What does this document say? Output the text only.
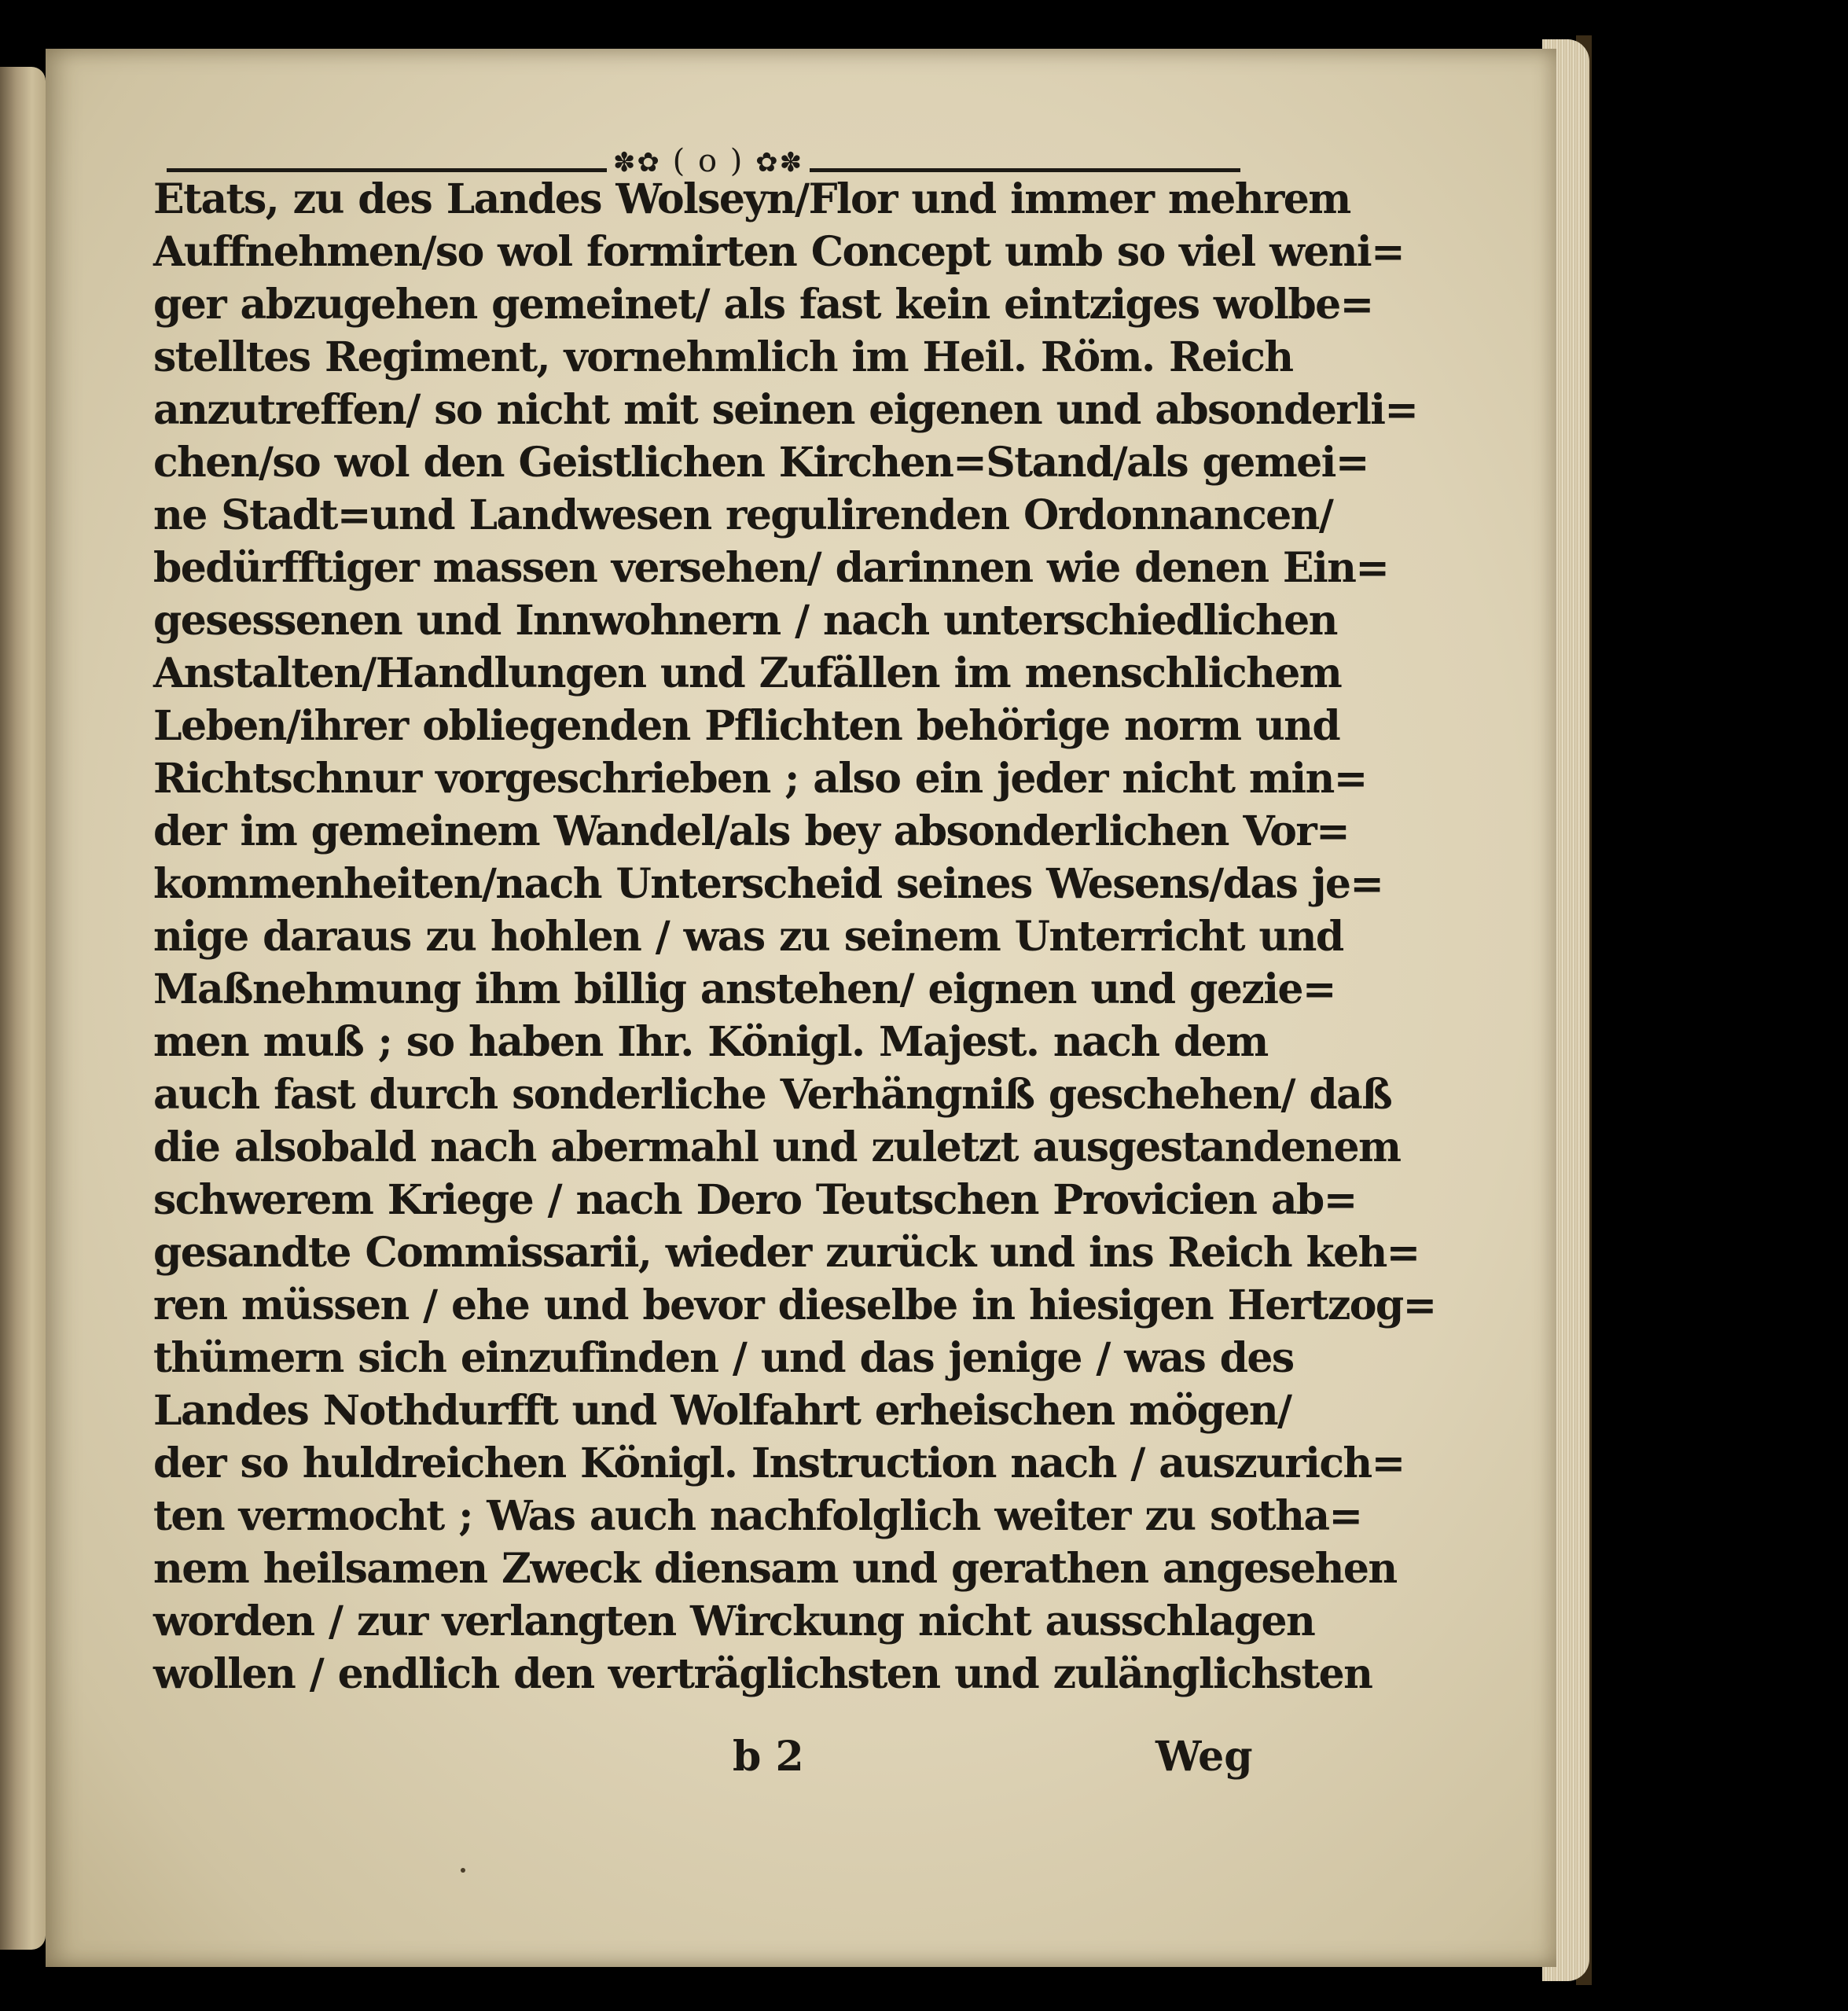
✽✿ ( o ) ✿✽
Etats, zu des Landes Wolseyn/Flor und immer mehrem
Auffnehmen/so wol formirten Concept umb so viel weni=
ger abzugehen gemeinet/ als fast kein eintziges wolbe=
stelltes Regiment, vornehmlich im Heil. Röm. Reich
anzutreffen/ so nicht mit seinen eigenen und absonderli=
chen/so wol den Geistlichen Kirchen=Stand/als gemei=
ne Stadt=und Landwesen regulirenden Ordonnancen/
bedürfftiger massen versehen/ darinnen wie denen Ein=
gesessenen und Innwohnern / nach unterschiedlichen
Anstalten/Handlungen und Zufällen im menschlichem
Leben/ihrer obliegenden Pflichten behörige norm und
Richtschnur vorgeschrieben ; also ein jeder nicht min=
der im gemeinem Wandel/als bey absonderlichen Vor=
kommenheiten/nach Unterscheid seines Wesens/das je=
nige daraus zu hohlen / was zu seinem Unterricht und
Maßnehmung ihm billig anstehen/ eignen und gezie=
men muß ; so haben Ihr. Königl. Majest. nach dem
auch fast durch sonderliche Verhängniß geschehen/ daß
die alsobald nach abermahl und zuletzt ausgestandenem
schwerem Kriege / nach Dero Teutschen Provicien ab=
gesandte Commissarii, wieder zurück und ins Reich keh=
ren müssen / ehe und bevor dieselbe in hiesigen Hertzog=
thümern sich einzufinden / und das jenige / was des
Landes Nothdurfft und Wolfahrt erheischen mögen/
der so huldreichen Königl. Instruction nach / auszurich=
ten vermocht ; Was auch nachfolglich weiter zu sotha=
nem heilsamen Zweck diensam und gerathen angesehen
worden / zur verlangten Wirckung nicht ausschlagen
wollen / endlich den verträglichsten und zulänglichsten
b 2	Weg
